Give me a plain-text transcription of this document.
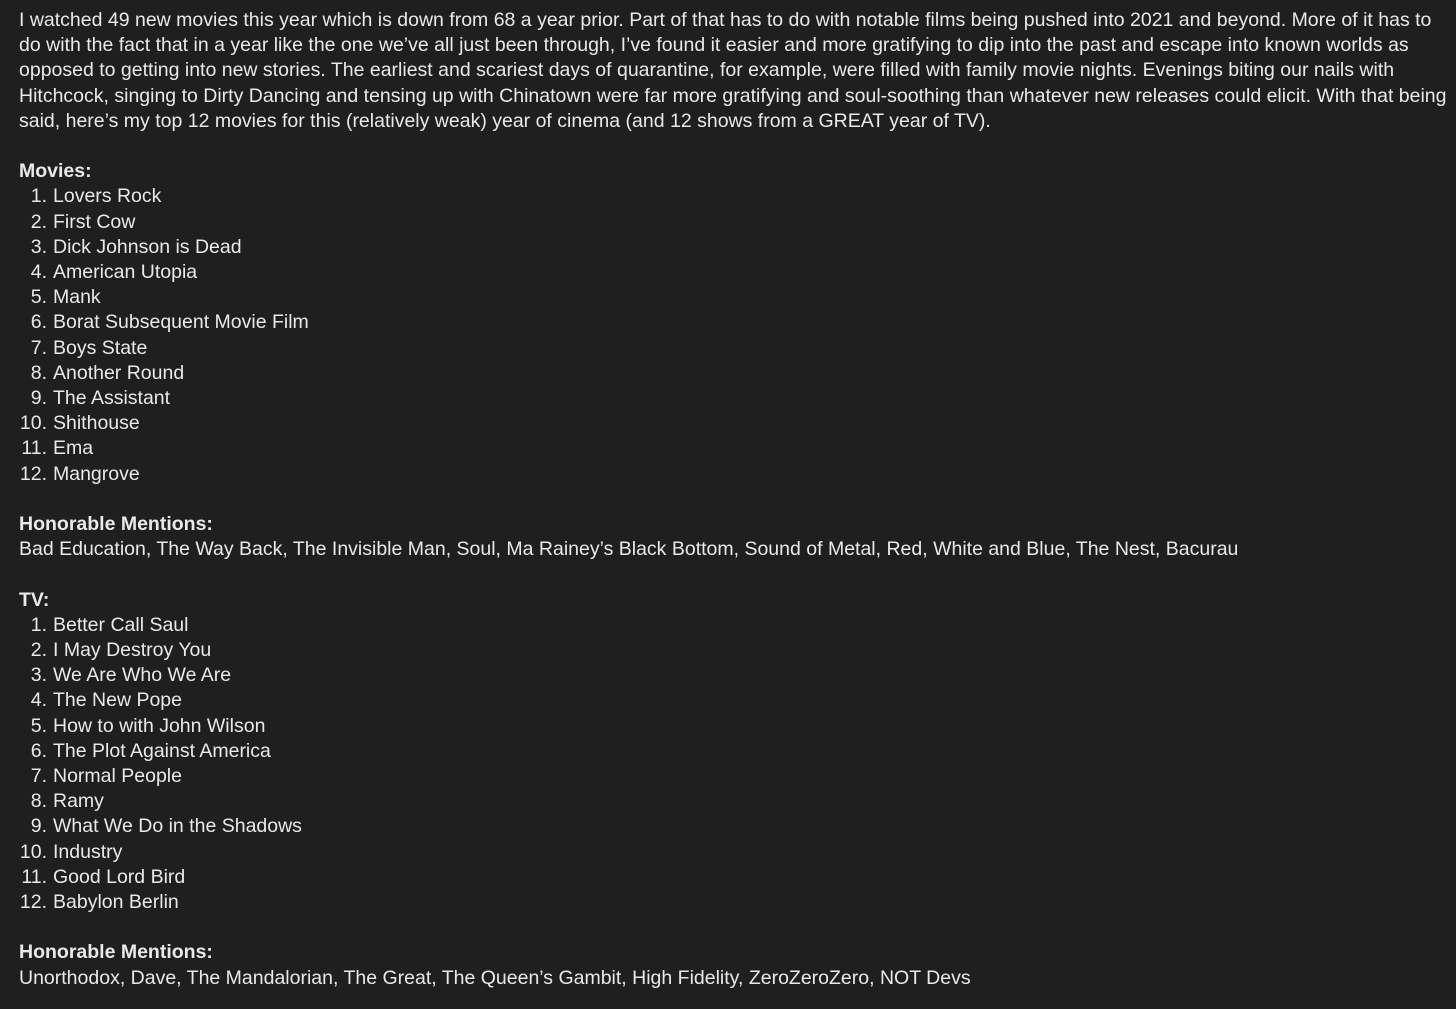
I watched 49 new movies this year which is down from 68 a year prior. Part of that has to do with notable films being pushed into 2021 and beyond. More of it has to do with the fact that in a year like the one we’ve all just been through, I’ve found it easier and more gratifying to dip into the past and escape into known worlds as opposed to getting into new stories. The earliest and scariest days of quarantine, for example, were filled with family movie nights. Evenings biting our nails with Hitchcock, singing to Dirty Dancing and tensing up with Chinatown were far more gratifying and soul-soothing than whatever new releases could elicit. With that being said, here’s my top 12 movies for this (relatively weak) year of cinema (and 12 shows from a GREAT year of TV).

Movies:
1. Lovers Rock
2. First Cow
3. Dick Johnson is Dead
4. American Utopia
5. Mank
6. Borat Subsequent Movie Film
7. Boys State
8. Another Round
9. The Assistant
10. Shithouse
11. Ema
12. Mangrove
Honorable Mentions:

Bad Education, The Way Back, The Invisible Man, Soul, Ma Rainey’s Black Bottom, Sound of Metal, Red, White and Blue, The Nest, Bacurau

TV:
1. Better Call Saul
2. I May Destroy You
3. We Are Who We Are
4. The New Pope
5. How to with John Wilson
6. The Plot Against America
7. Normal People
8. Ramy
9. What We Do in the Shadows
10. Industry
11. Good Lord Bird
12. Babylon Berlin
Honorable Mentions:

Unorthodox, Dave, The Mandalorian, The Great, The Queen’s Gambit, High Fidelity, ZeroZeroZero, NOT Devs
